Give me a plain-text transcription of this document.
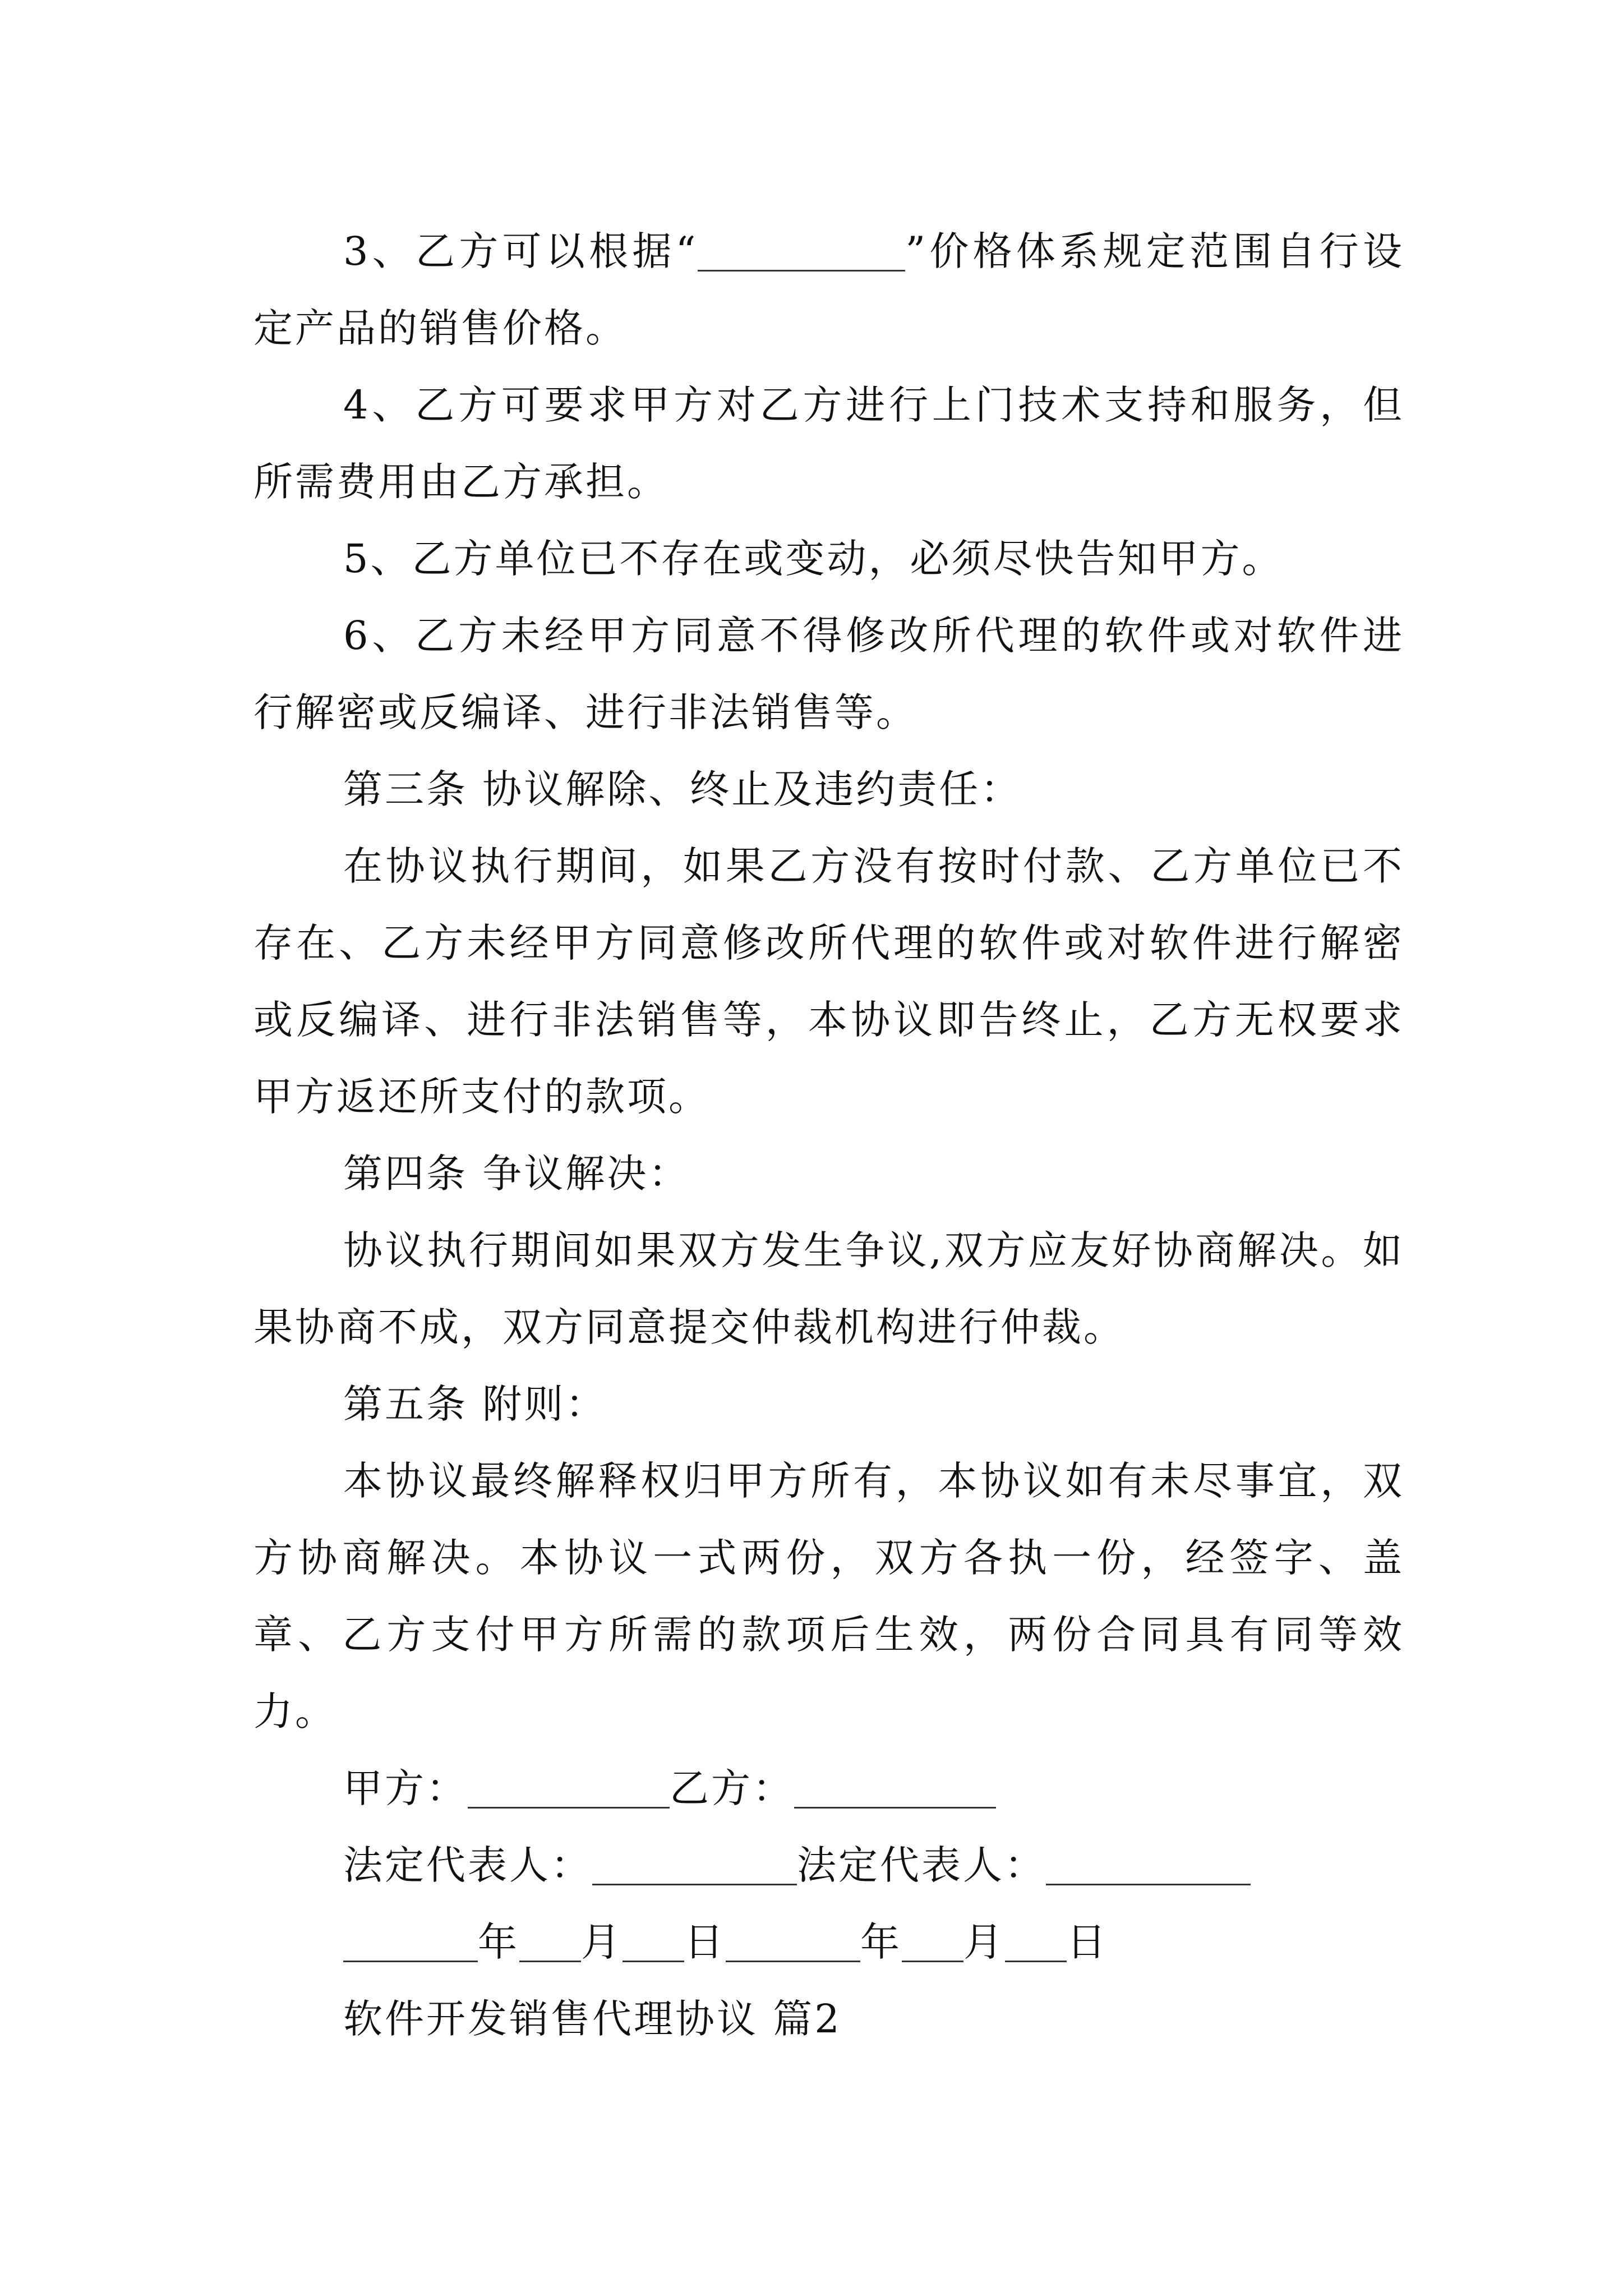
3、乙方可以根据“	”价格体系规定范围自行设定产品的销售价格。

4、乙方可要求甲方对乙方进行上门技术支持和服务，但所需费用由乙方承担。

5、乙方单位已不存在或变动，必须尽快告知甲方。

6、乙方未经甲方同意不得修改所代理的软件或对软件进行解密或反编译、进行非法销售等。

第三条 协议解除、终止及违约责任：

在协议执行期间，如果乙方没有按时付款、乙方单位已不存在、乙方未经甲方同意修改所代理的软件或对软件进行解密或反编译、进行非法销售等，本协议即告终止，乙方无权要求甲方返还所支付的款项。

第四条 争议解决：

协议执行期间如果双方发生争议,双方应友好协商解决。如果协商不成，双方同意提交仲裁机构进行仲裁。

第五条 附则：

本协议最终解释权归甲方所有，本协议如有未尽事宜，双方协商解决。本协议一式两份，双方各执一份，经签字、盖章、乙方支付甲方所需的款项后生效，两份合同具有同等效力。

甲方：	乙方：

法定代表人：	法定代表人：

年 月 日	年 月 日

软件开发销售代理协议 篇2
